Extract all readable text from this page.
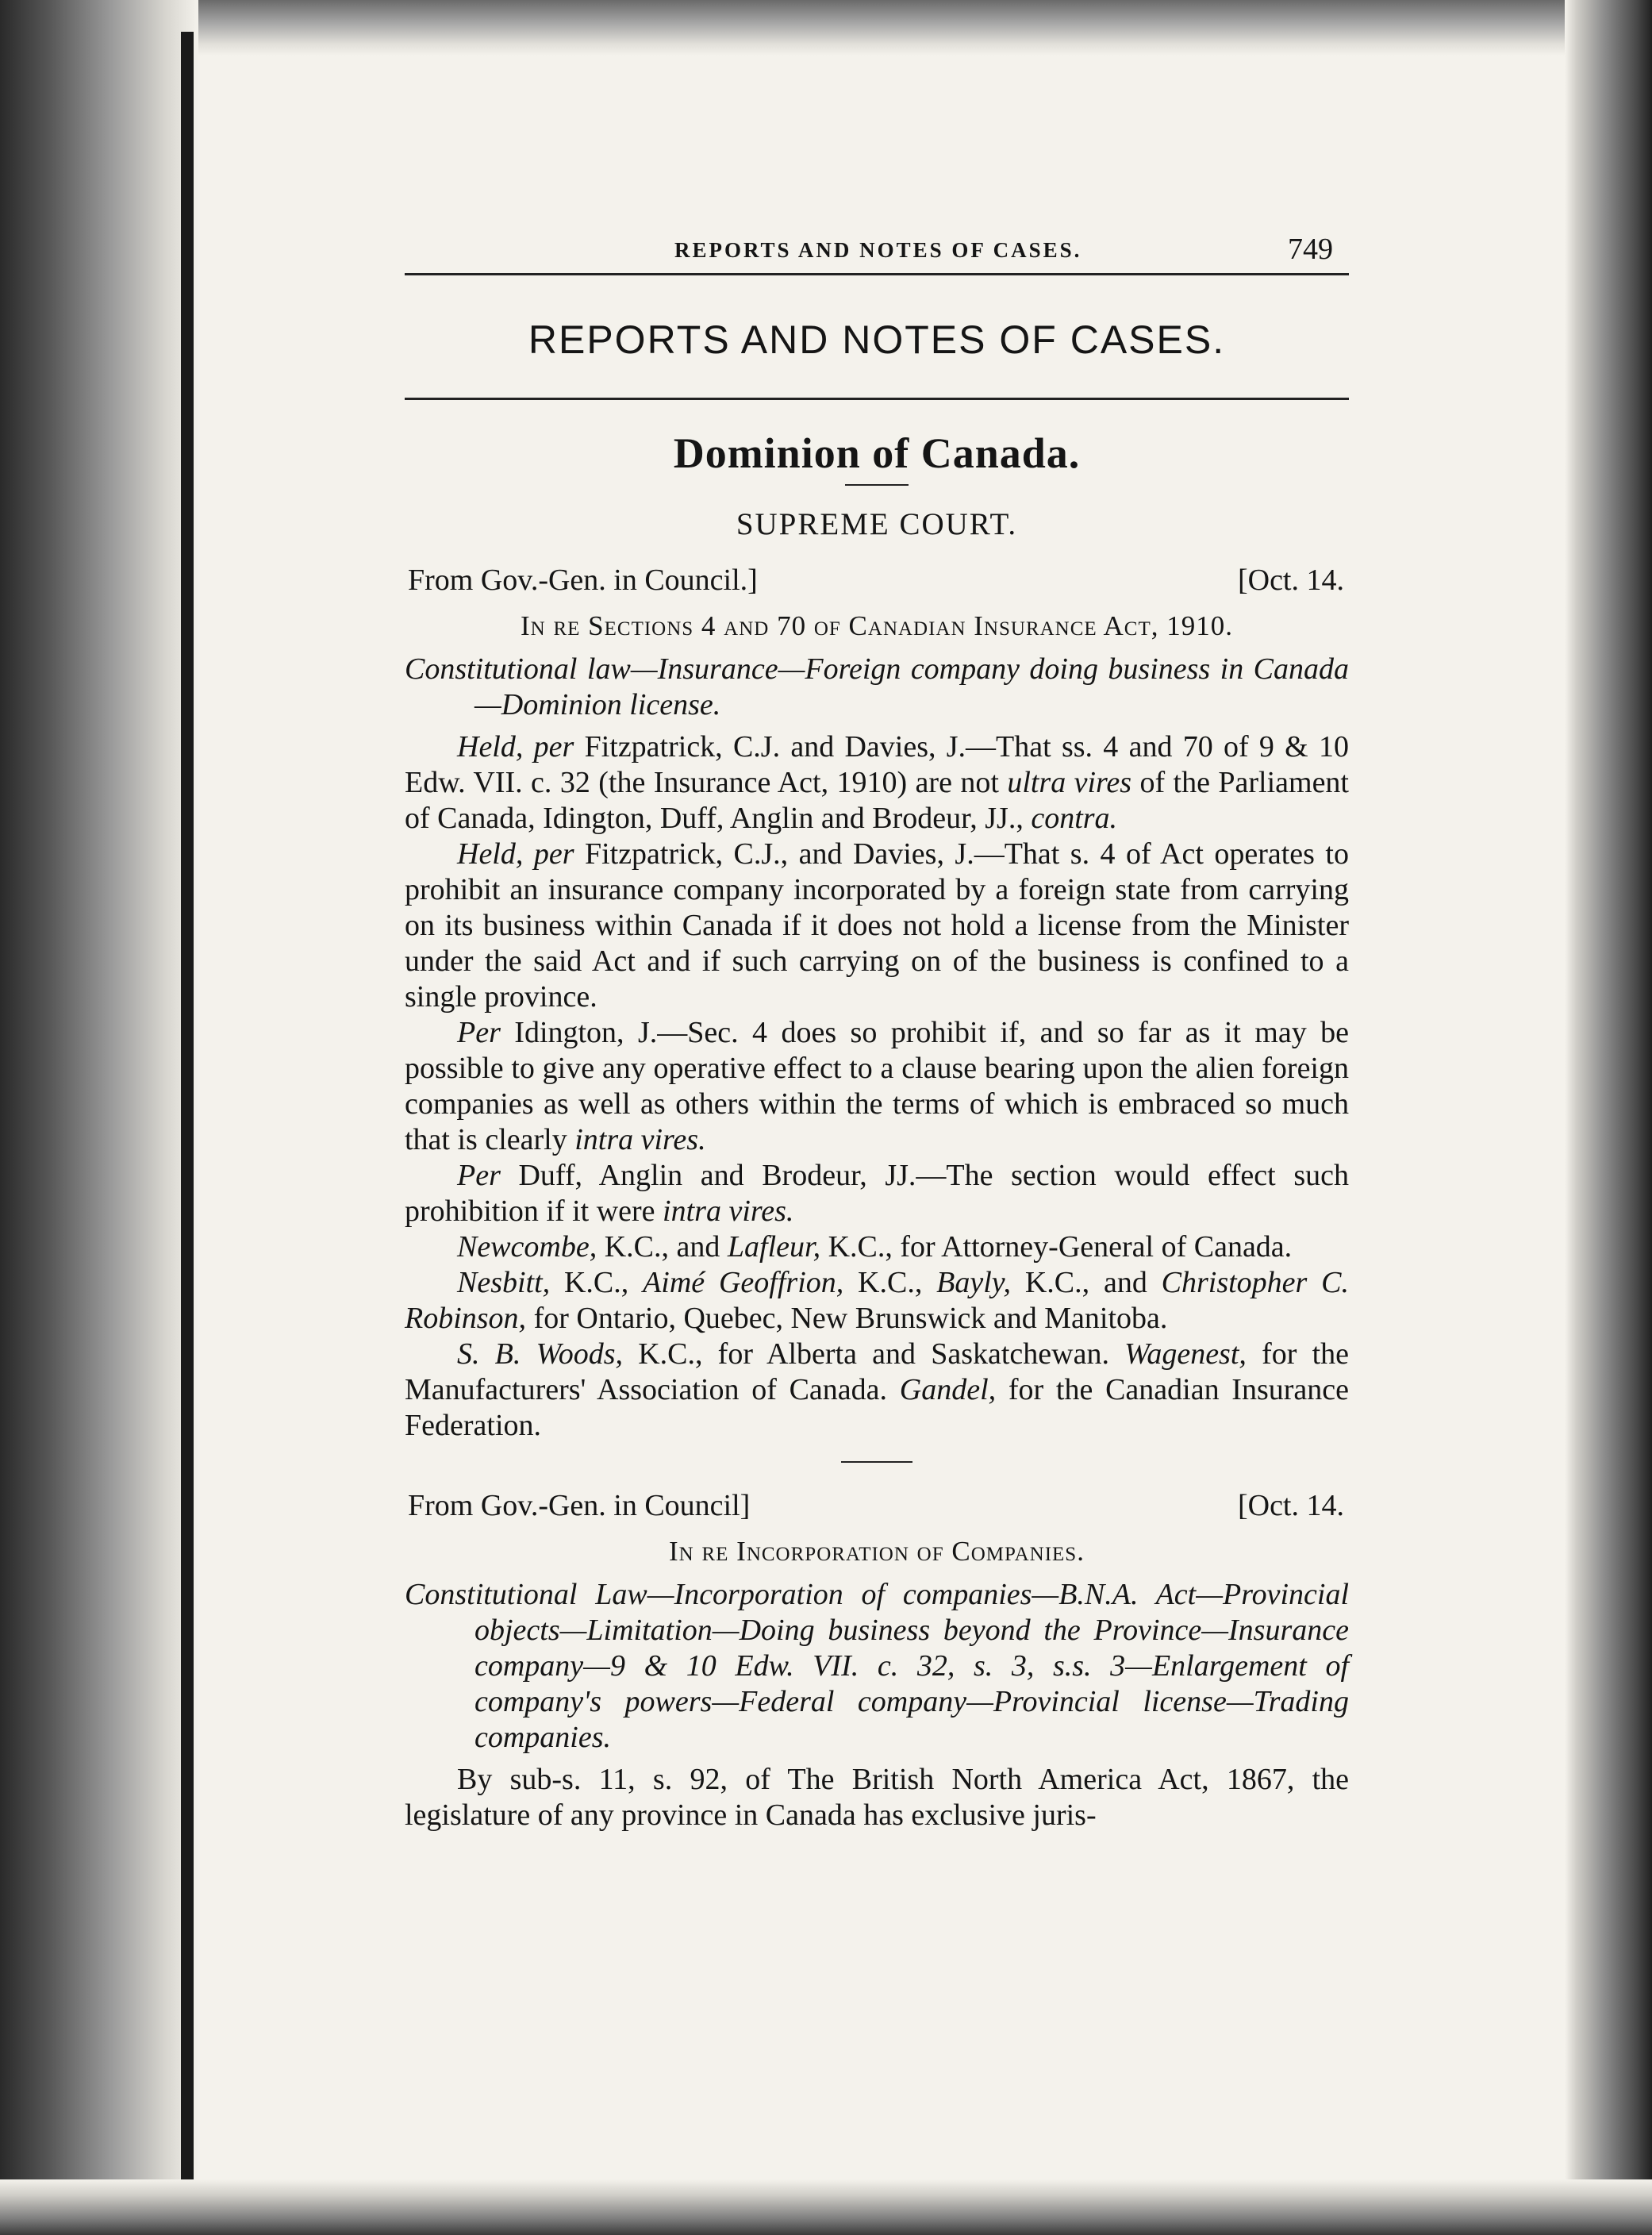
REPORTS AND NOTES OF CASES.	749
REPORTS AND NOTES OF CASES.
Dominion of Canada.
SUPREME COURT.
From Gov.-Gen. in Council.]	[Oct. 14.
In re Sections 4 and 70 of Canadian Insurance Act, 1910.

Constitutional law—Insurance—Foreign company doing business in Canada—Dominion license.

Held, per Fitzpatrick, C.J. and Davies, J.—That ss. 4 and 70 of 9 & 10 Edw. VII. c. 32 (the Insurance Act, 1910) are not ultra vires of the Parliament of Canada, Idington, Duff, Anglin and Brodeur, JJ., contra.

Held, per Fitzpatrick, C.J., and Davies, J.—That s. 4 of Act operates to prohibit an insurance company incorporated by a foreign state from carrying on its business within Canada if it does not hold a license from the Minister under the said Act and if such carrying on of the business is confined to a single province.

Per Idington, J.—Sec. 4 does so prohibit if, and so far as it may be possible to give any operative effect to a clause bearing upon the alien foreign companies as well as others within the terms of which is embraced so much that is clearly intra vires.

Per Duff, Anglin and Brodeur, JJ.—The section would effect such prohibition if it were intra vires.

Newcombe, K.C., and Lafleur, K.C., for Attorney-General of Canada.

Nesbitt, K.C., Aimé Geoffrion, K.C., Bayly, K.C., and Christopher C. Robinson, for Ontario, Quebec, New Brunswick and Manitoba.

S. B. Woods, K.C., for Alberta and Saskatchewan. Wagenest, for the Manufacturers' Association of Canada. Gandel, for the Canadian Insurance Federation.

From Gov.-Gen. in Council]	[Oct. 14.
In re Incorporation of Companies.

Constitutional Law—Incorporation of companies—B.N.A. Act—Provincial objects—Limitation—Doing business beyond the Province—Insurance company—9 & 10 Edw. VII. c. 32, s. 3, s.s. 3—Enlargement of company's powers—Federal company—Provincial license—Trading companies.

By sub-s. 11, s. 92, of The British North America Act, 1867, the legislature of any province in Canada has exclusive juris-
